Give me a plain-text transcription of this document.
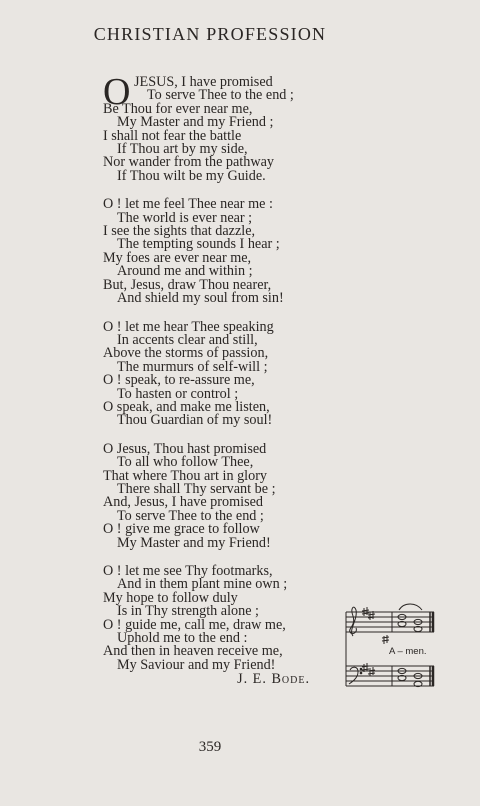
CHRISTIAN PROFESSION
O JESUS, I have promised
To serve Thee to the end ;
Be Thou for ever near me,
My Master and my Friend ;
I shall not fear the battle
If Thou art by my side,
Nor wander from the pathway
If Thou wilt be my Guide.
O ! let me feel Thee near me :
The world is ever near ;
I see the sights that dazzle,
The tempting sounds I hear ;
My foes are ever near me,
Around me and within ;
But, Jesus, draw Thou nearer,
And shield my soul from sin!
O ! let me hear Thee speaking
In accents clear and still,
Above the storms of passion,
The murmurs of self-will ;
O ! speak, to re-assure me,
To hasten or control ;
O speak, and make me listen,
Thou Guardian of my soul!
O Jesus, Thou hast promised
To all who follow Thee,
That where Thou art in glory
There shall Thy servant be ;
And, Jesus, I have promised
To serve Thee to the end ;
O ! give me grace to follow
My Master and my Friend!
O ! let me see Thy footmarks,
And in them plant mine own ;
My hope to follow duly
Is in Thy strength alone ;
O ! guide me, call me, draw me,
Uphold me to the end :
And then in heaven receive me,
My Saviour and my Friend!
J. E. Bode.
A – men.
359
